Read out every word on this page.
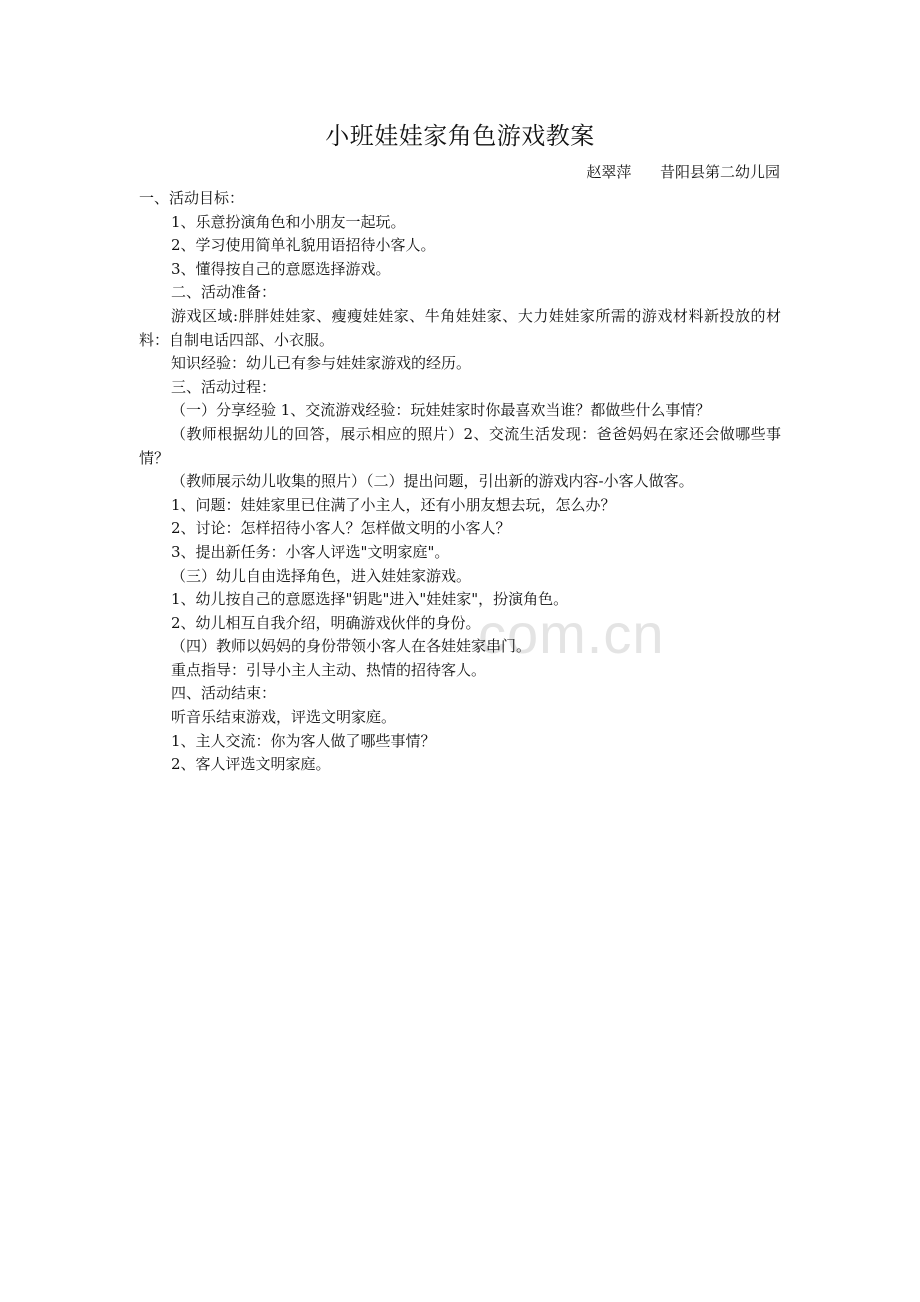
com.cn
小班娃娃家角色游戏教案
赵翠萍      昔阳县第二幼儿园

一、活动目标：

1、乐意扮演角色和小朋友一起玩。

2、学习使用简单礼貌用语招待小客人。

3、懂得按自己的意愿选择游戏。

二、活动准备：

游戏区域:胖胖娃娃家、瘦瘦娃娃家、牛角娃娃家、大力娃娃家所需的游戏材料新投放的材料：自制电话四部、小衣服。

知识经验：幼儿已有参与娃娃家游戏的经历。

三、活动过程：

（一）分享经验 1、交流游戏经验：玩娃娃家时你最喜欢当谁？都做些什么事情？

（教师根据幼儿的回答，展示相应的照片）2、交流生活发现：爸爸妈妈在家还会做哪些事情？

（教师展示幼儿收集的照片）（二）提出问题，引出新的游戏内容-小客人做客。

1、问题：娃娃家里已住满了小主人，还有小朋友想去玩，怎么办？

2、讨论：怎样招待小客人？怎样做文明的小客人？

3、提出新任务：小客人评选"文明家庭"。

（三）幼儿自由选择角色，进入娃娃家游戏。

1、幼儿按自己的意愿选择"钥匙"进入"娃娃家"，扮演角色。

2、幼儿相互自我介绍，明确游戏伙伴的身份。

（四）教师以妈妈的身份带领小客人在各娃娃家串门。

重点指导：引导小主人主动、热情的招待客人。

四、活动结束：

听音乐结束游戏，评选文明家庭。

1、主人交流：你为客人做了哪些事情？

2、客人评选文明家庭。
